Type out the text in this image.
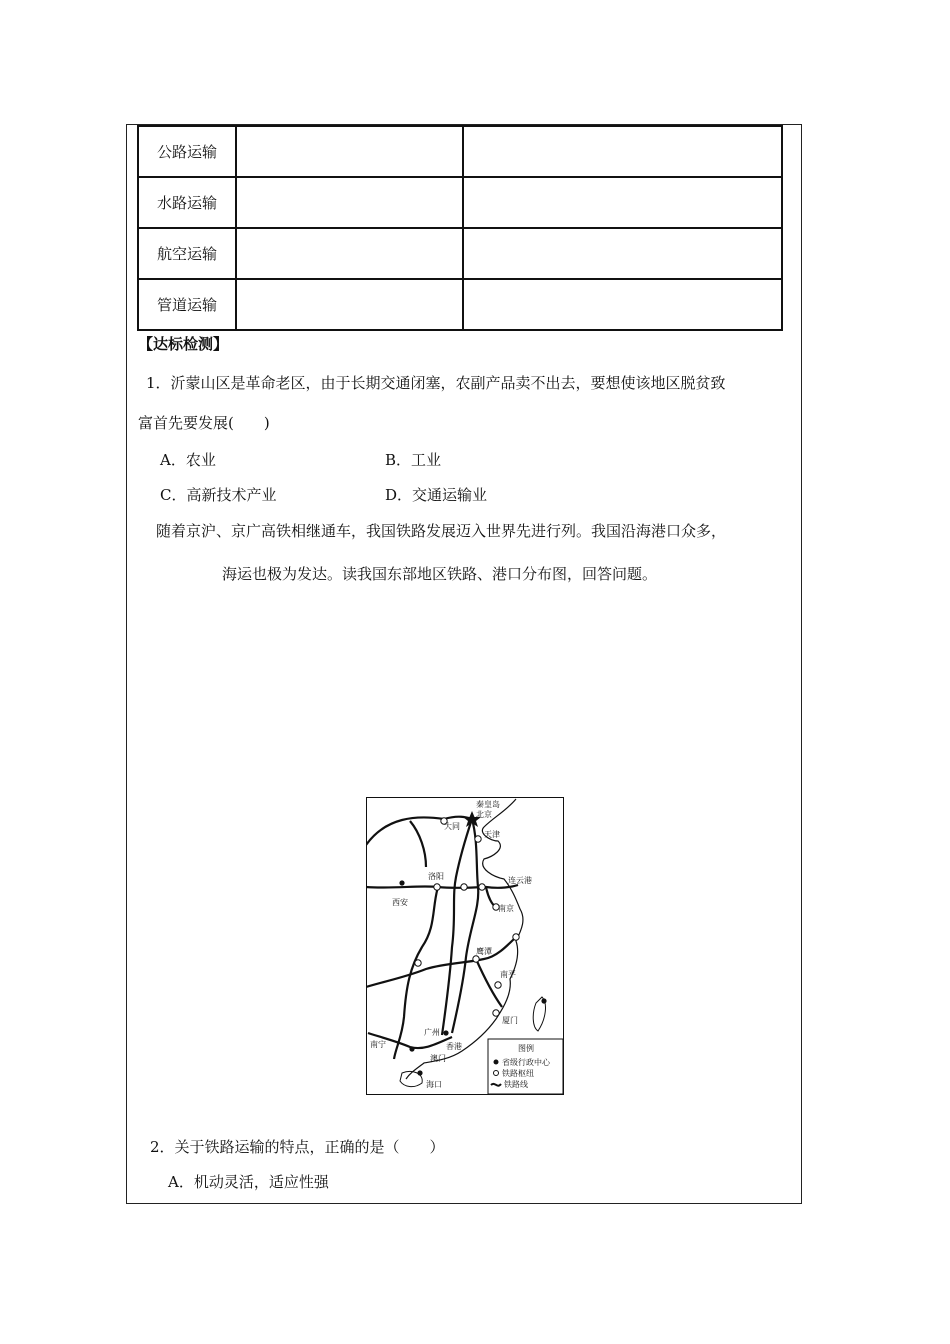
公路运输		
水路运输		
航空运输		
管道运输		
【达标检测】
1．沂蒙山区是革命老区，由于长期交通闭塞，农副产品卖不出去，要想使该地区脱贫致
富首先要发展(　　)
A．农业	B．工业
C．高新技术产业	D．交通运输业
随着京沪、京广高铁相继通车，我国铁路发展迈入世界先进行列。我国沿海港口众多，
海运也极为发达。读我国东部地区铁路、港口分布图，回答问题。
秦皇岛
北京
大同
天津
洛阳	连云港
西安
南京
鹰潭
南平
广州
厦门
香港
南宁
澳门
海口
图例
省级行政中心
铁路枢纽
铁路线
2．关于铁路运输的特点，正确的是（　　）
A．机动灵活，适应性强
